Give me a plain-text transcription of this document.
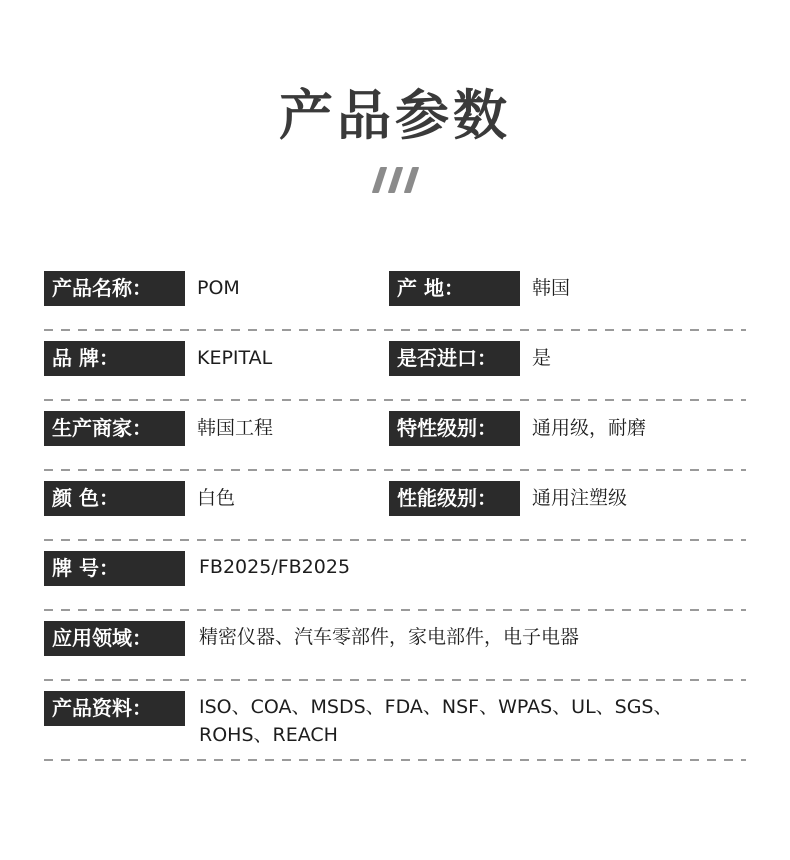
产品参数
产品名称：	POM	产 地：	韩国
品 牌：	KEPITAL	是否进口：	是
生产商家：	韩国工程	特性级别：	通用级，耐磨
颜 色：	白色	性能级别：	通用注塑级
牌 号：	FB2025/FB2025
应用领域：	精密仪器、汽车零部件，家电部件，电子电器
产品资料：	ISO、COA、MSDS、FDA、NSF、WPAS、UL、SGS、ROHS、REACH
